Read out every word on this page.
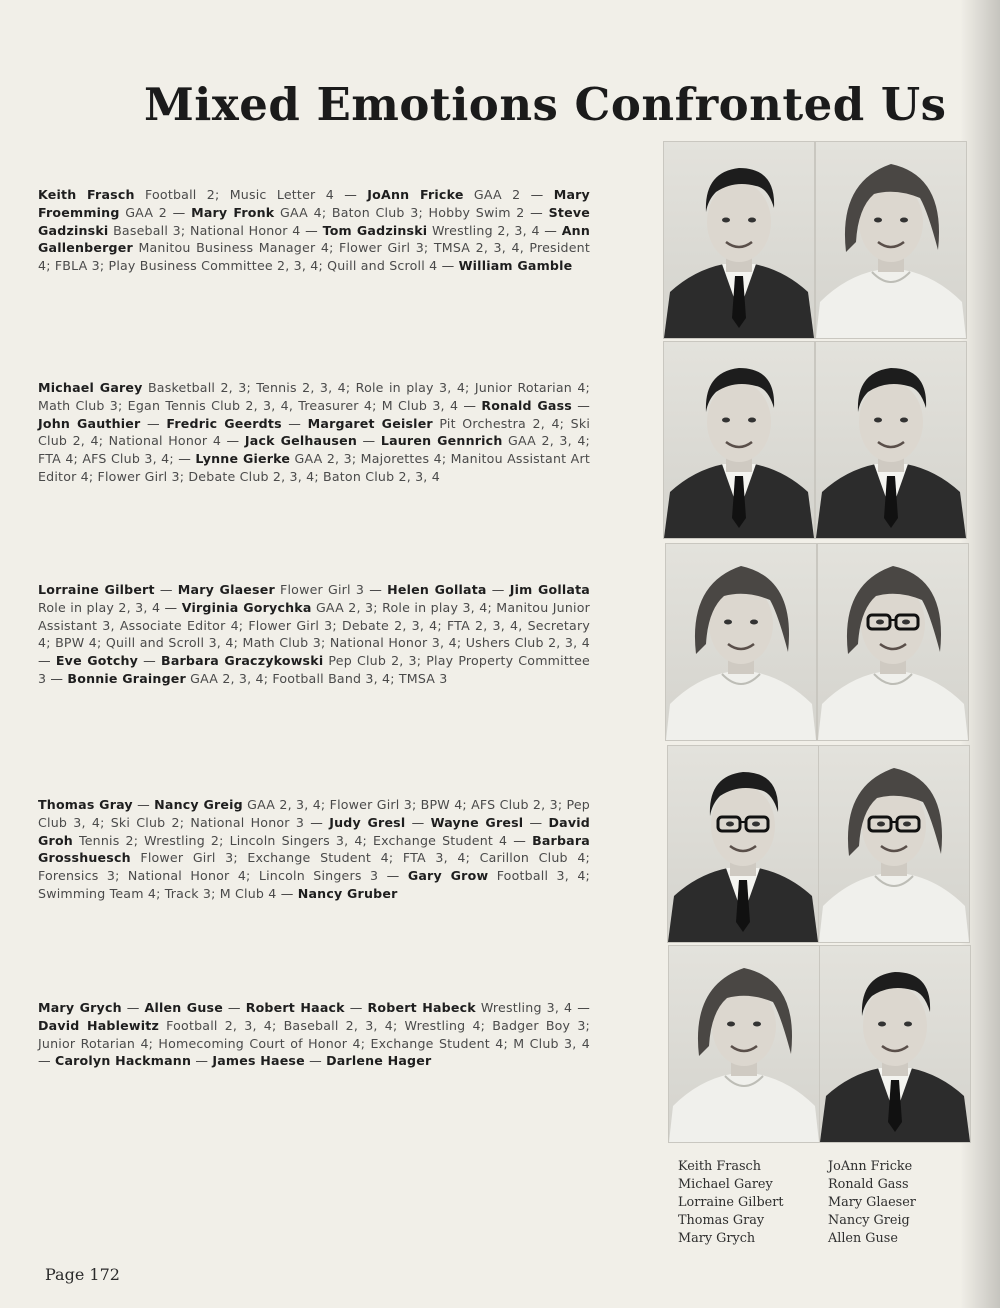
Mixed Emotions Confronted Us
Keith Frasch Football 2; Music Letter 4 — JoAnn Fricke GAA 2 — Mary Froemming GAA 2 — Mary Fronk GAA 4; Baton Club 3; Hobby Swim 2 — Steve Gadzinski Baseball 3; National Honor 4 — Tom Gadzinski Wrestling 2, 3, 4 — Ann Gallenberger Manitou Business Manager 4; Flower Girl 3; TMSA 2, 3, 4, President 4; FBLA 3; Play Business Committee 2, 3, 4; Quill and Scroll 4 — William Gamble
Michael Garey Basketball 2, 3; Tennis 2, 3, 4; Role in play 3, 4; Junior Rotarian 4; Math Club 3; Egan Tennis Club 2, 3, 4, Treasurer 4; M Club 3, 4 — Ronald Gass — John Gauthier — Fredric Geerdts — Margaret Geisler Pit Orchestra 2, 4; Ski Club 2, 4; National Honor 4 — Jack Gelhausen — Lauren Gennrich GAA 2, 3, 4; FTA 4; AFS Club 3, 4; — Lynne Gierke GAA 2, 3; Majorettes 4; Manitou Assistant Art Editor 4; Flower Girl 3; Debate Club 2, 3, 4; Baton Club 2, 3, 4
Lorraine Gilbert — Mary Glaeser Flower Girl 3 — Helen Gollata — Jim Gollata Role in play 2, 3, 4 — Virginia Gorychka GAA 2, 3; Role in play 3, 4; Manitou Junior Assistant 3, Associate Editor 4; Flower Girl 3; Debate 2, 3, 4; FTA 2, 3, 4, Secretary 4; BPW 4; Quill and Scroll 3, 4; Math Club 3; National Honor 3, 4; Ushers Club 2, 3, 4 — Eve Gotchy — Barbara Graczykowski Pep Club 2, 3; Play Property Committee 3 — Bonnie Grainger GAA 2, 3, 4; Football Band 3, 4; TMSA 3
Thomas Gray — Nancy Greig GAA 2, 3, 4; Flower Girl 3; BPW 4; AFS Club 2, 3; Pep Club 3, 4; Ski Club 2; National Honor 3 — Judy Gresl — Wayne Gresl — David Groh Tennis 2; Wrestling 2; Lincoln Singers 3, 4; Exchange Student 4 — Barbara Grosshuesch Flower Girl 3; Exchange Student 4; FTA 3, 4; Carillon Club 4; Forensics 3; National Honor 4; Lincoln Singers 3 — Gary Grow Football 3, 4; Swimming Team 4; Track 3; M Club 4 — Nancy Gruber
Mary Grych — Allen Guse — Robert Haack — Robert Habeck Wrestling 3, 4 — David Hablewitz Football 2, 3, 4; Baseball 2, 3, 4; Wrestling 4; Badger Boy 3; Junior Rotarian 4; Homecoming Court of Honor 4; Exchange Student 4; M Club 3, 4 — Carolyn Hackmann — James Haese — Darlene Hager
Keith Frasch
Michael Garey
Lorraine Gilbert
Thomas Gray
Mary Grych
JoAnn Fricke
Ronald Gass
Mary Glaeser
Nancy Greig
Allen Guse
Page 172
